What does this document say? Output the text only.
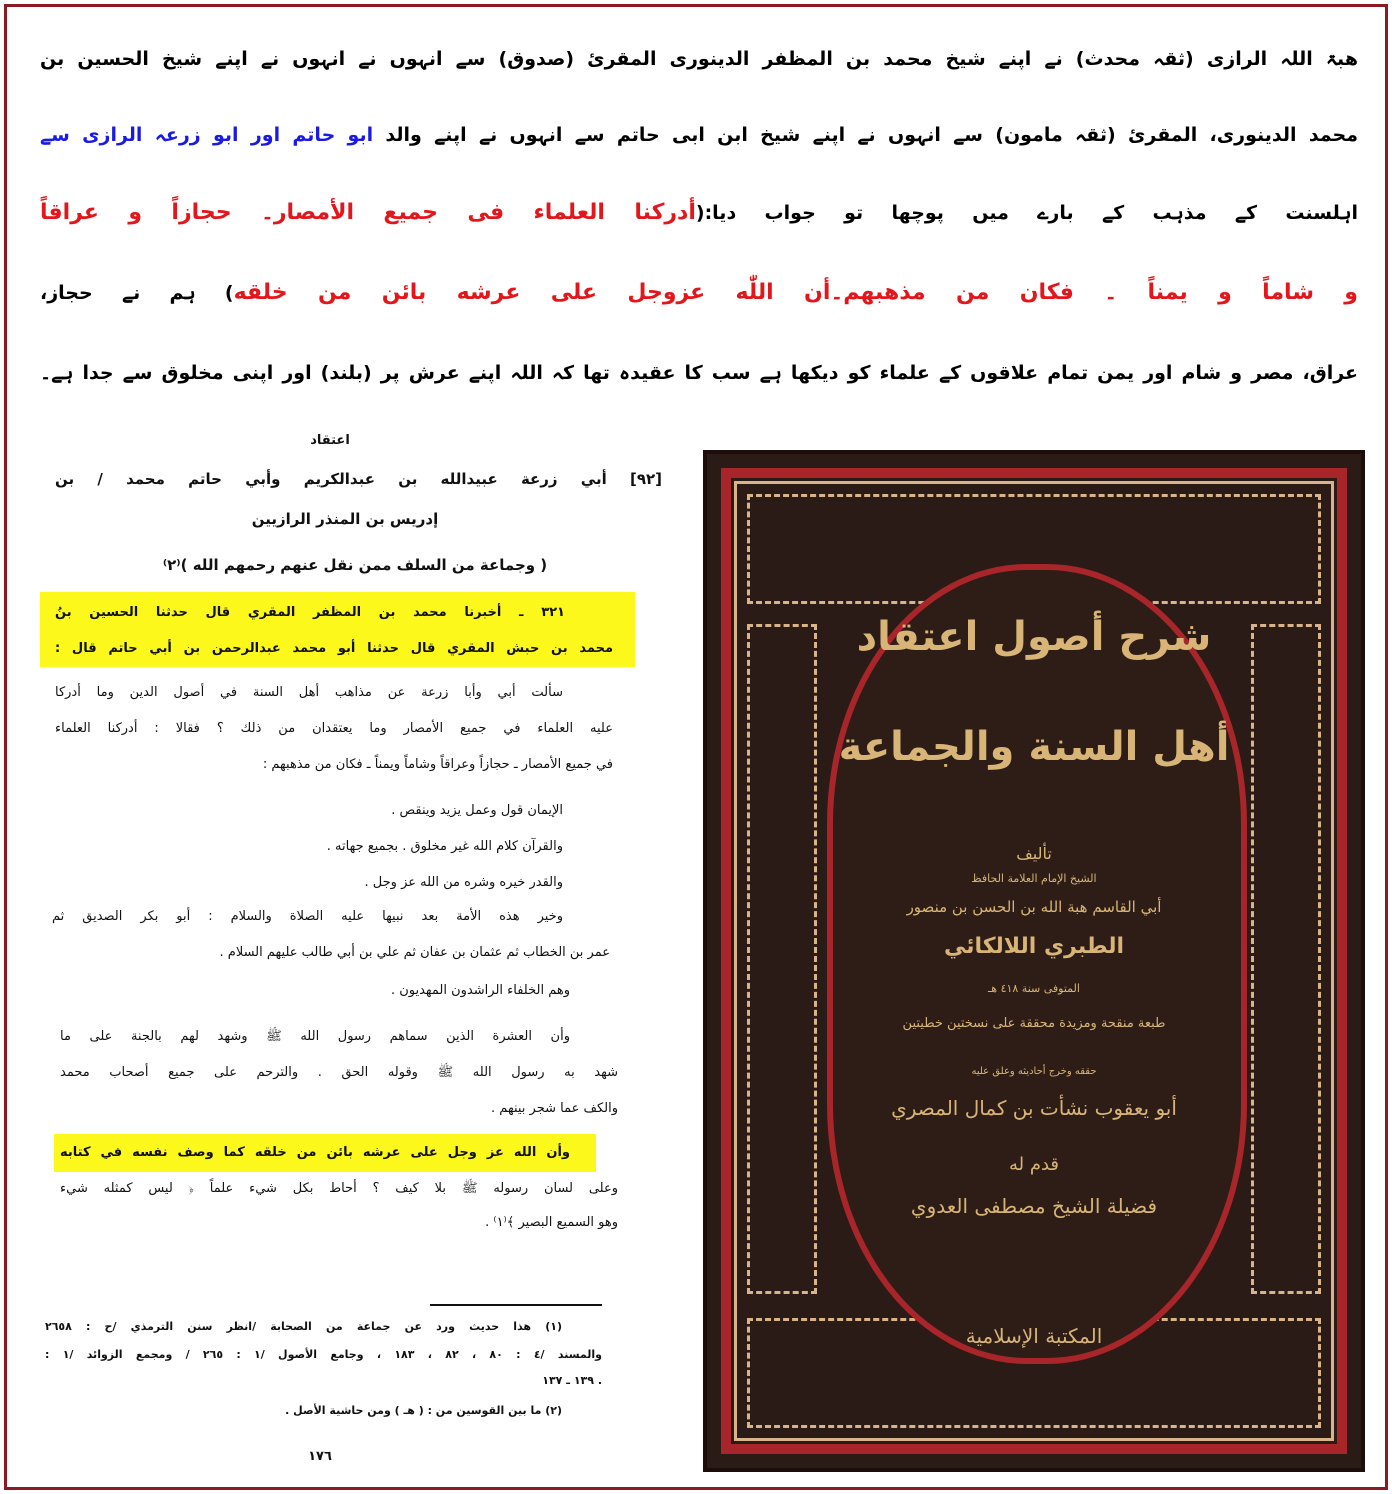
ھبۃ اللہ الرازی (ثقہ محدث) نے اپنے شیخ محمد بن المظفر الدینوری المقرئ (صدوق) سے انہوں نے انہوں نے اپنے شیخ الحسین بن
محمد الدینوری، المقرئ (ثقہ مامون) سے انہوں نے اپنے شیخ ابن ابی حاتم سے انہوں نے اپنے والد ابو حاتم اور ابو زرعہ الرازی سے
اہلسنت کے مذہب کے بارے میں پوچھا تو جواب دیا:(أدركنا العلماء فى جميع الأمصار۔ حجازاً و عراقاً
و شاماً و يمناً ۔ فكان من مذهبهم۔أن اللّٰه عزوجل على عرشه بائن من خلقه) ہم نے حجاز،
عراق، مصر و شام اور یمن تمام علاقوں کے علماء کو دیکھا ہے سب کا عقیدہ تھا کہ اللہ اپنے عرش پر (بلند) اور اپنی مخلوق سے جدا ہے۔
اعتقاد
[٩٢] أبي زرعة عبيدالله بن عبدالكريم وأبي حاتم محمد / بن
إدريس بن المنذر الرازيين
( وجماعة من السلف ممن نقل عنهم رحمهم الله )⁽٢⁾
٣٢١ ـ أخبرنا محمد بن المظفر المقري قال حدثنا الحسين بنُ
محمد بن حبش المقري قال حدثنا أبو محمد عبدالرحمن بن أبي حاتم قال :
سألت أبي وأبا زرعة عن مذاهب أهل السنة في أصول الدين وما أدركا
عليه العلماء في جميع الأمصار وما يعتقدان من ذلك ؟ فقالا : أدركنا العلماء
في جميع الأمصار ـ حجازاً وعراقاً وشاماً ويمناً ـ فكان من مذهبهم :
الإيمان قول وعمل يزيد وينقص .
والقرآن كلام الله غير مخلوق . بجميع جهاته .
والقدر خيره وشره من الله عز وجل .
وخير هذه الأمة بعد نبيها عليه الصلاة والسلام : أبو بكر الصديق ثم
عمر بن الخطاب ثم عثمان بن عفان ثم علي بن أبي طالب عليهم السلام .
وهم الخلفاء الراشدون المهديون .
وأن العشرة الذين سماهم رسول الله ﷺ وشهد لهم بالجنة على ما
شهد به رسول الله ﷺ وقوله الحق . والترحم على جميع أصحاب محمد
والكف عما شجر بينهم .
وأن الله عز وجل على عرشه بائن من خلقه كما وصف نفسه في كتابه
وعلى لسان رسوله ﷺ بلا كيف ؟ أحاط بكل شيء علماً ﴿ ليس كمثله شيء
وهو السميع البصير ﴾⁽١⁾ .
(١) هذا حديث ورد عن جماعة من الصحابة /انظر سنن الترمذي /ح : ٢٦٥٨
والمسند /٤ : ٨٠ ، ٨٢ ، ١٨٣ ، وجامع الأصول /١ : ٢٦٥ / ومجمع الزوائد /١ :
. ١٣٩ ـ ١٣٧
(٢) ما بين القوسين من : ( هـ ) ومن حاشية الأصل .
١٧٦
شرح أصول اعتقاد
أهل السنة والجماعة
تأليف
الشيخ الإمام العلامة الحافظ
أبي القاسم هبة الله بن الحسن بن منصور
الطبري اللالكائي
المتوفى سنة ٤١٨ هـ
طبعة منقحة ومزيدة محققة على نسختين خطيتين
حققه وخرج أحاديثه وعلق عليه
أبو يعقوب نشأت بن كمال المصري
قدم له
فضيلة الشيخ مصطفى العدوي
المكتبة الإسلامية
